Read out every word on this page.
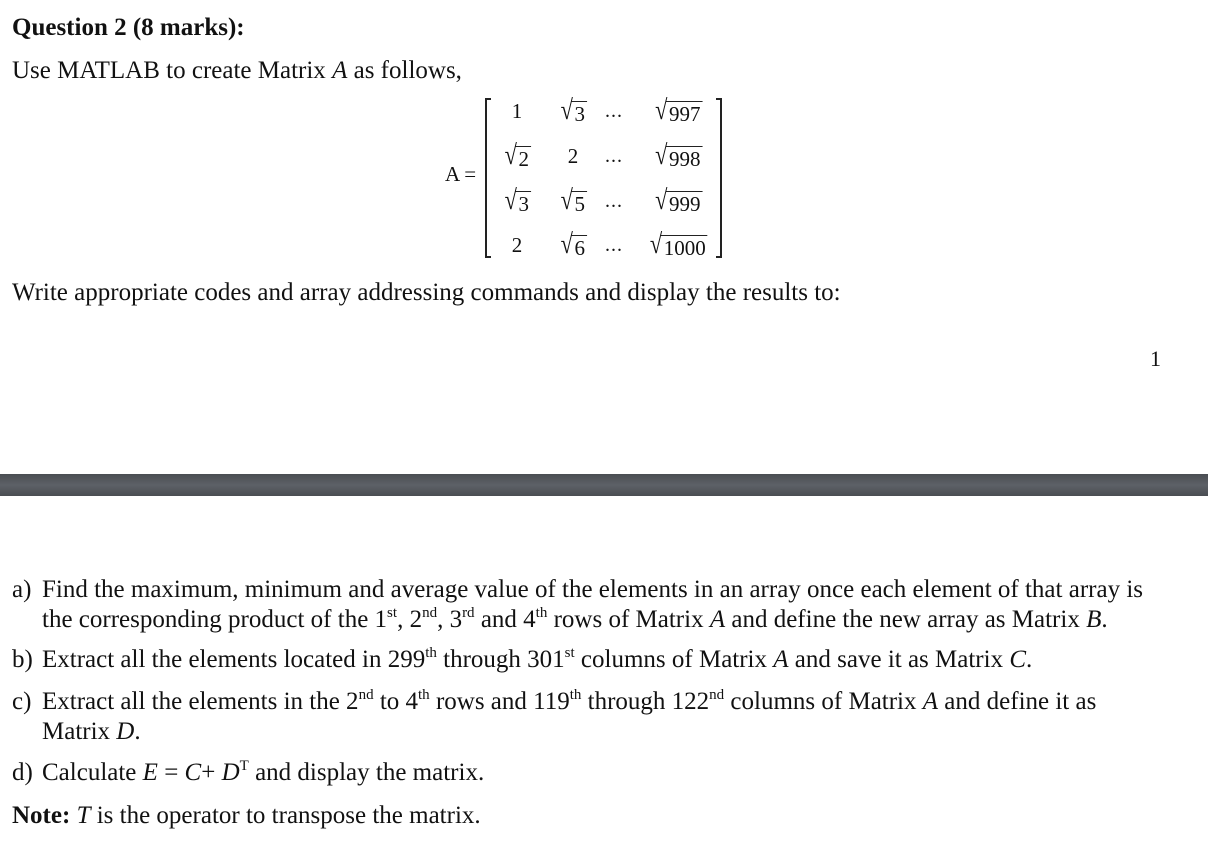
Question 2 (8 marks):
Use MATLAB to create Matrix A as follows,
A =
1 √ 3 ... √ 997
√ 2 2 ... √ 998
√ 3 √ 5 ... √ 999
2 √ 6 ... √ 1000
Write appropriate codes and array addressing commands and display the results to:
1
a) Find the maximum, minimum and average value of the elements in an array once each element of that array is
the corresponding product of the 1st, 2nd, 3rd and 4th rows of Matrix A and define the new array as Matrix B.
b) Extract all the elements located in 299th through 301st columns of Matrix A and save it as Matrix C.
c) Extract all the elements in the 2nd to 4th rows and 119th through 122nd columns of Matrix A and define it as
Matrix D.
d) Calculate $E = C+ D^T$ and display the matrix.
Note: T is the operator to transpose the matrix.
